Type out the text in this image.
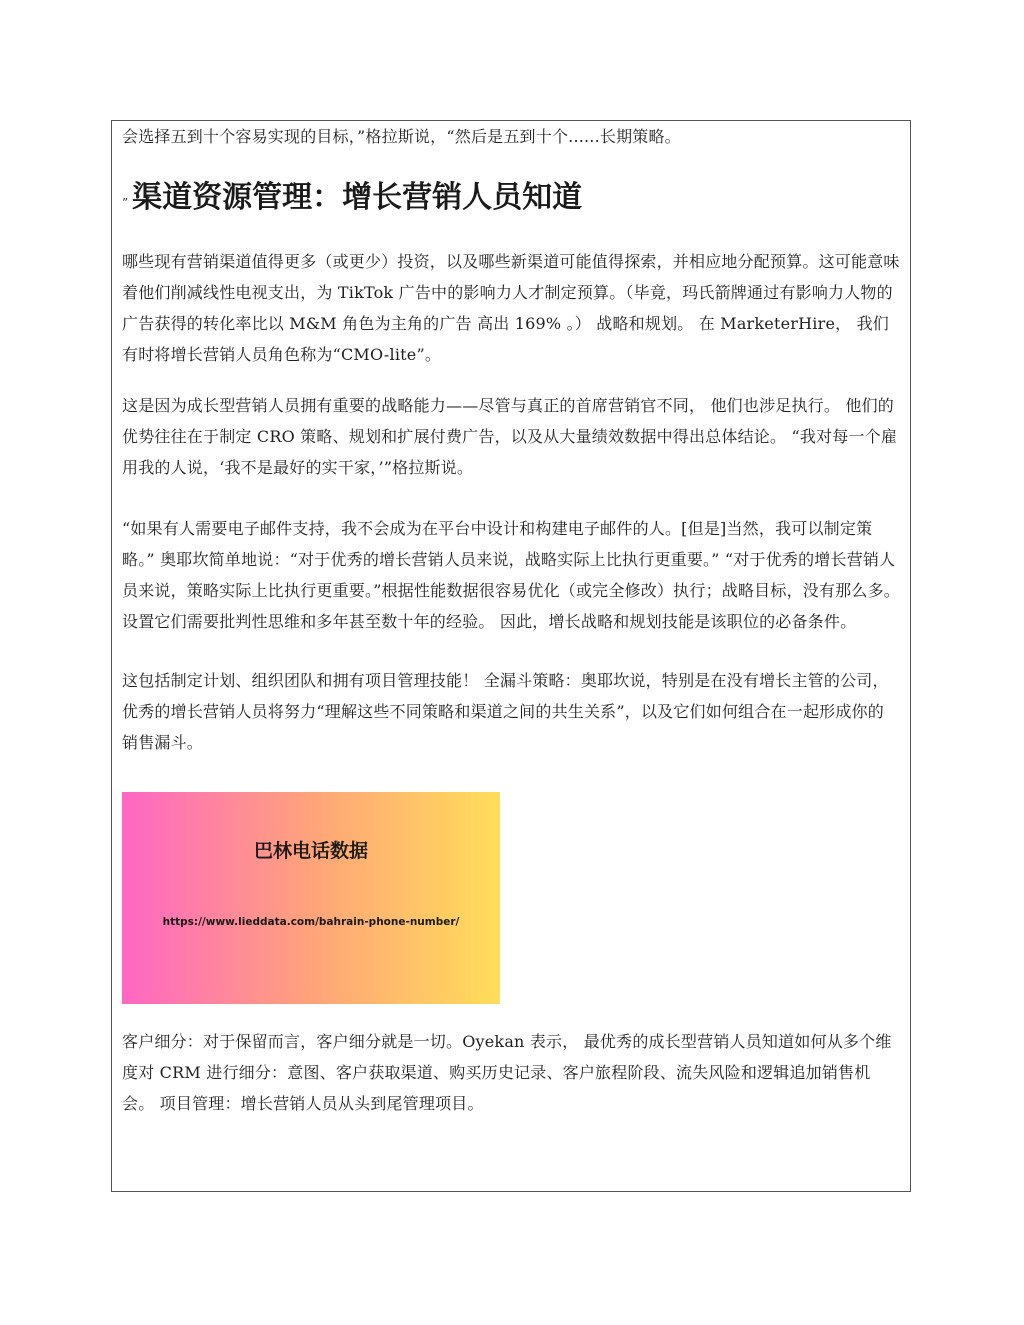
会选择五到十个容易实现的目标，”格拉斯说，“然后是五到十个......长期策略。

” 渠道资源管理：增长营销人员知道

哪些现有营销渠道值得更多（或更少）投资，以及哪些新渠道可能值得探索，并相应地分配预算。这可能意味着他们削减线性电视支出，为 TikTok 广告中的影响力人才制定预算。（毕竟，玛氏箭牌通过有影响力人物的广告获得的转化率比以 M&M 角色为主角的广告 高出 169% 。） 战略和规划。 在 MarketerHire， 我们有时将增长营销人员角色称为“CMO-lite”。

这是因为成长型营销人员拥有重要的战略能力——尽管与真正的首席营销官不同， 他们也涉足执行。 他们的优势往往在于制定 CRO 策略、规划和扩展付费广告，以及从大量绩效数据中得出总体结论。 “我对每一个雇用我的人说，‘我不是最好的实干家，’”格拉斯说。

“如果有人需要电子邮件支持，我不会成为在平台中设计和构建电子邮件的人。[但是]当然，我可以制定策略。” 奥耶坎简单地说：“对于优秀的增长营销人员来说，战略实际上比执行更重要。” “对于优秀的增长营销人员来说，策略实际上比执行更重要。”根据性能数据很容易优化（或完全修改）执行；战略目标，没有那么多。设置它们需要批判性思维和多年甚至数十年的经验。 因此，增长战略和规划技能是该职位的必备条件。

这包括制定计划、组织团队和拥有项目管理技能！ 全漏斗策略：奥耶坎说，特别是在没有增长主管的公司， 优秀的增长营销人员将努力“理解这些不同策略和渠道之间的共生关系”，以及它们如何组合在一起形成你的销售漏斗。

巴林电话数据
https://www.lieddata.com/bahrain-phone-number/

客户细分：对于保留而言，客户细分就是一切。Oyekan 表示， 最优秀的成长型营销人员知道如何从多个维度对 CRM 进行细分：意图、客户获取渠道、购买历史记录、客户旅程阶段、流失风险和逻辑追加销售机会。 项目管理：增长营销人员从头到尾管理项目。
